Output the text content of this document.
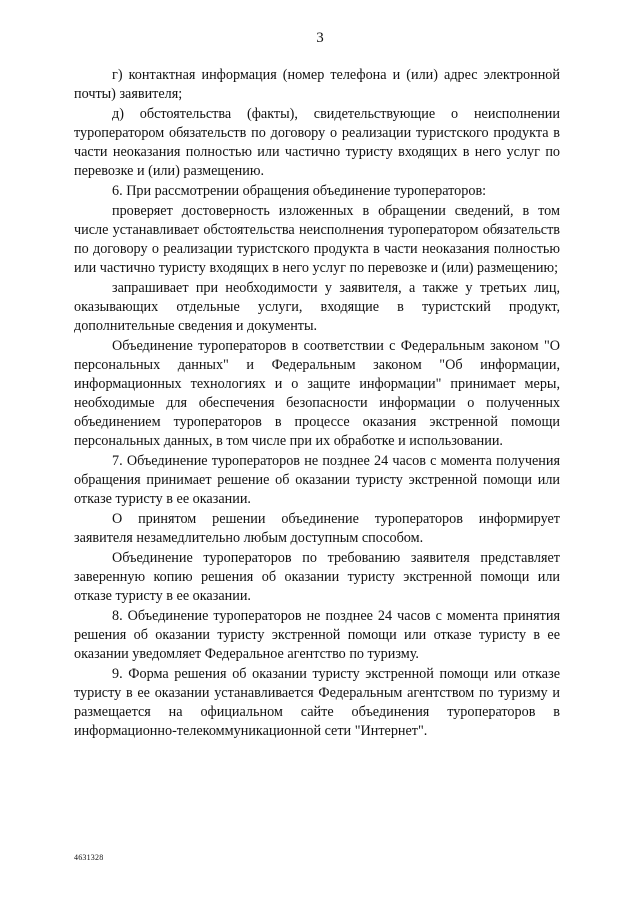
3

г) контактная информация (номер телефона и (или) адрес электронной почты) заявителя;

д) обстоятельства (факты), свидетельствующие о неисполнении туроператором обязательств по договору о реализации туристского продукта в части неоказания полностью или частично туристу входящих в него услуг по перевозке и (или) размещению.

6. При рассмотрении обращения объединение туроператоров:

проверяет достоверность изложенных в обращении сведений, в том числе устанавливает обстоятельства неисполнения туроператором обязательств по договору о реализации туристского продукта в части неоказания полностью или частично туристу входящих в него услуг по перевозке и (или) размещению;

запрашивает при необходимости у заявителя, а также у третьих лиц, оказывающих отдельные услуги, входящие в туристский продукт, дополнительные сведения и документы.

Объединение туроператоров в соответствии с Федеральным законом "О персональных данных" и Федеральным законом "Об информации, информационных технологиях и о защите информации" принимает меры, необходимые для обеспечения безопасности информации о полученных объединением туроператоров в процессе оказания экстренной помощи персональных данных, в том числе при их обработке и использовании.

7. Объединение туроператоров не позднее 24 часов с момента получения обращения принимает решение об оказании туристу экстренной помощи или отказе туристу в ее оказании.

О принятом решении объединение туроператоров информирует заявителя незамедлительно любым доступным способом.

Объединение туроператоров по требованию заявителя представляет заверенную копию решения об оказании туристу экстренной помощи или отказе туристу в ее оказании.

8. Объединение туроператоров не позднее 24 часов с момента принятия решения об оказании туристу экстренной помощи или отказе туристу в ее оказании уведомляет Федеральное агентство по туризму.

9. Форма решения об оказании туристу экстренной помощи или отказе туристу в ее оказании устанавливается Федеральным агентством по туризму и размещается на официальном сайте объединения туроператоров в информационно-телекоммуникационной сети "Интернет".

4631328
